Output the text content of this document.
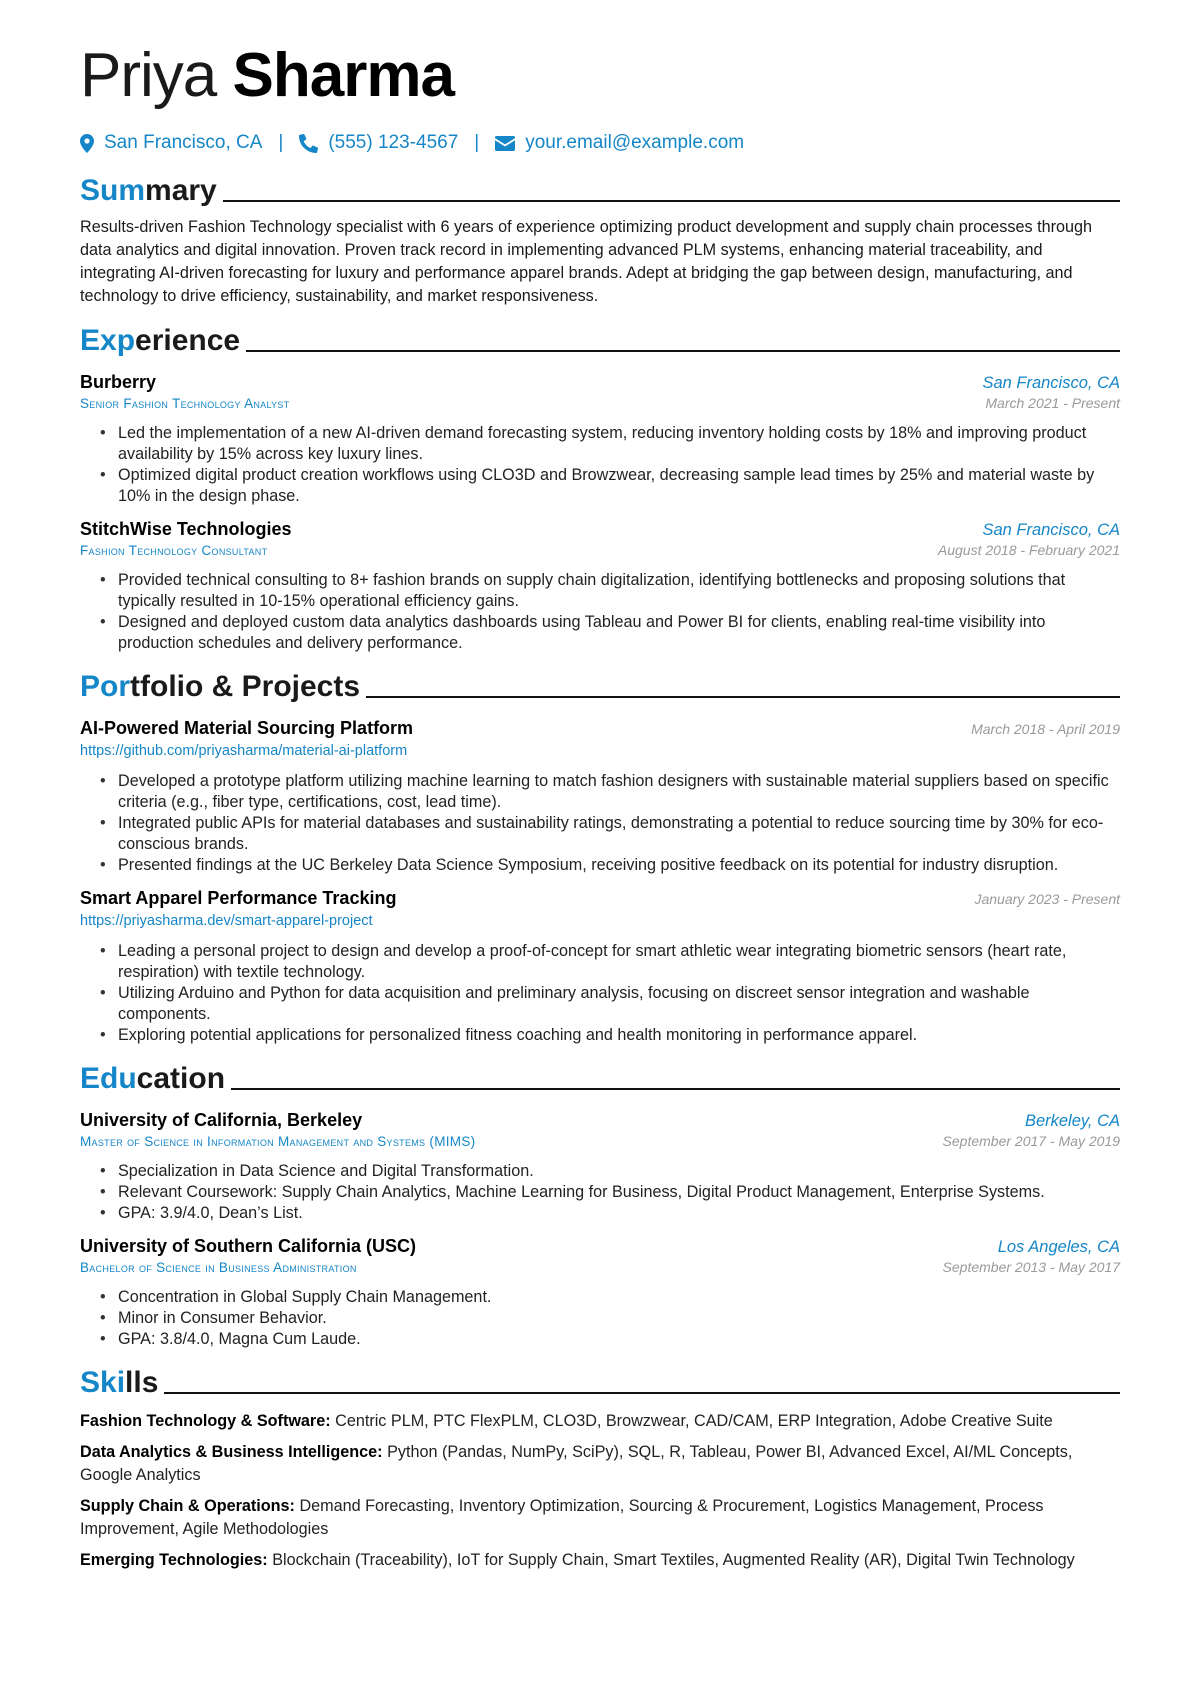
Priya Sharma
San Francisco, CA | (555) 123-4567 | your.email@example.com
Summary
Results-driven Fashion Technology specialist with 6 years of experience optimizing product development and supply chain processes through data analytics and digital innovation. Proven track record in implementing advanced PLM systems, enhancing material traceability, and integrating AI-driven forecasting for luxury and performance apparel brands. Adept at bridging the gap between design, manufacturing, and technology to drive efficiency, sustainability, and market responsiveness.
Experience
Burberry	San Francisco, CA
Senior Fashion Technology Analyst	March 2021 - Present
• Led the implementation of a new AI-driven demand forecasting system, reducing inventory holding costs by 18% and improving product availability by 15% across key luxury lines.
• Optimized digital product creation workflows using CLO3D and Browzwear, decreasing sample lead times by 25% and material waste by 10% in the design phase.
StitchWise Technologies	San Francisco, CA
Fashion Technology Consultant	August 2018 - February 2021
• Provided technical consulting to 8+ fashion brands on supply chain digitalization, identifying bottlenecks and proposing solutions that typically resulted in 10-15% operational efficiency gains.
• Designed and deployed custom data analytics dashboards using Tableau and Power BI for clients, enabling real-time visibility into production schedules and delivery performance.
Portfolio & Projects
AI-Powered Material Sourcing Platform	March 2018 - April 2019
https://github.com/priyasharma/material-ai-platform
• Developed a prototype platform utilizing machine learning to match fashion designers with sustainable material suppliers based on specific criteria (e.g., fiber type, certifications, cost, lead time).
• Integrated public APIs for material databases and sustainability ratings, demonstrating a potential to reduce sourcing time by 30% for eco-conscious brands.
• Presented findings at the UC Berkeley Data Science Symposium, receiving positive feedback on its potential for industry disruption.
Smart Apparel Performance Tracking	January 2023 - Present
https://priyasharma.dev/smart-apparel-project
• Leading a personal project to design and develop a proof-of-concept for smart athletic wear integrating biometric sensors (heart rate, respiration) with textile technology.
• Utilizing Arduino and Python for data acquisition and preliminary analysis, focusing on discreet sensor integration and washable components.
• Exploring potential applications for personalized fitness coaching and health monitoring in performance apparel.
Education
University of California, Berkeley	Berkeley, CA
Master of Science in Information Management and Systems (MIMS)	September 2017 - May 2019
• Specialization in Data Science and Digital Transformation.
• Relevant Coursework: Supply Chain Analytics, Machine Learning for Business, Digital Product Management, Enterprise Systems.
• GPA: 3.9/4.0, Dean’s List.
University of Southern California (USC)	Los Angeles, CA
Bachelor of Science in Business Administration	September 2013 - May 2017
• Concentration in Global Supply Chain Management.
• Minor in Consumer Behavior.
• GPA: 3.8/4.0, Magna Cum Laude.
Skills

Fashion Technology & Software: Centric PLM, PTC FlexPLM, CLO3D, Browzwear, CAD/CAM, ERP Integration, Adobe Creative Suite

Data Analytics & Business Intelligence: Python (Pandas, NumPy, SciPy), SQL, R, Tableau, Power BI, Advanced Excel, AI/ML Concepts, Google Analytics

Supply Chain & Operations: Demand Forecasting, Inventory Optimization, Sourcing & Procurement, Logistics Management, Process Improvement, Agile Methodologies

Emerging Technologies: Blockchain (Traceability), IoT for Supply Chain, Smart Textiles, Augmented Reality (AR), Digital Twin Technology
